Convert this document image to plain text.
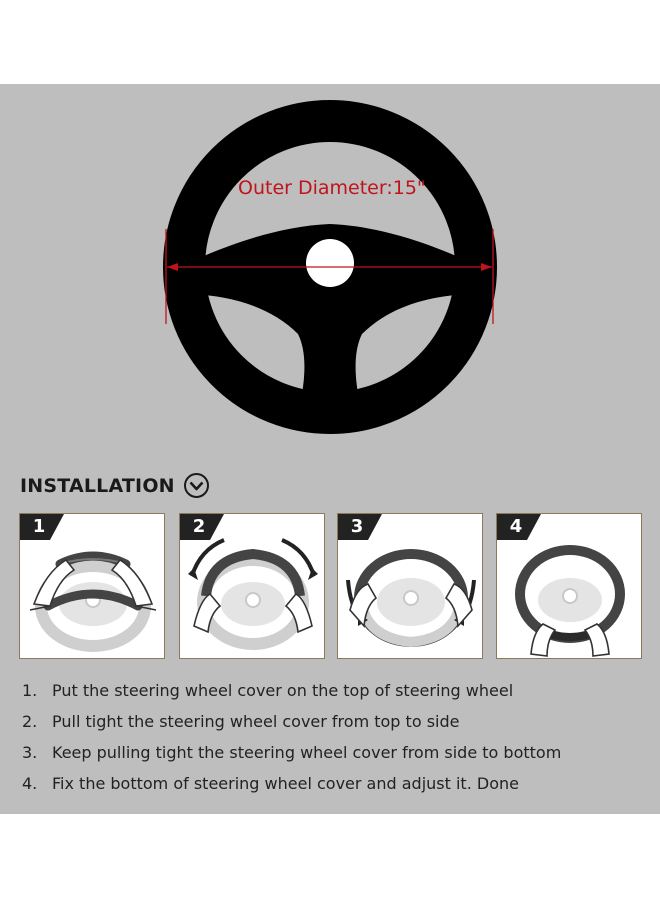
Outer Diameter:15"
INSTALLATION
1	2	3	4
1. Put the steering wheel cover on the top of steering wheel
2. Pull tight the steering wheel cover from top to side
3. Keep pulling tight the steering wheel cover from side to bottom
4. Fix the bottom of steering wheel cover and adjust it. Done
